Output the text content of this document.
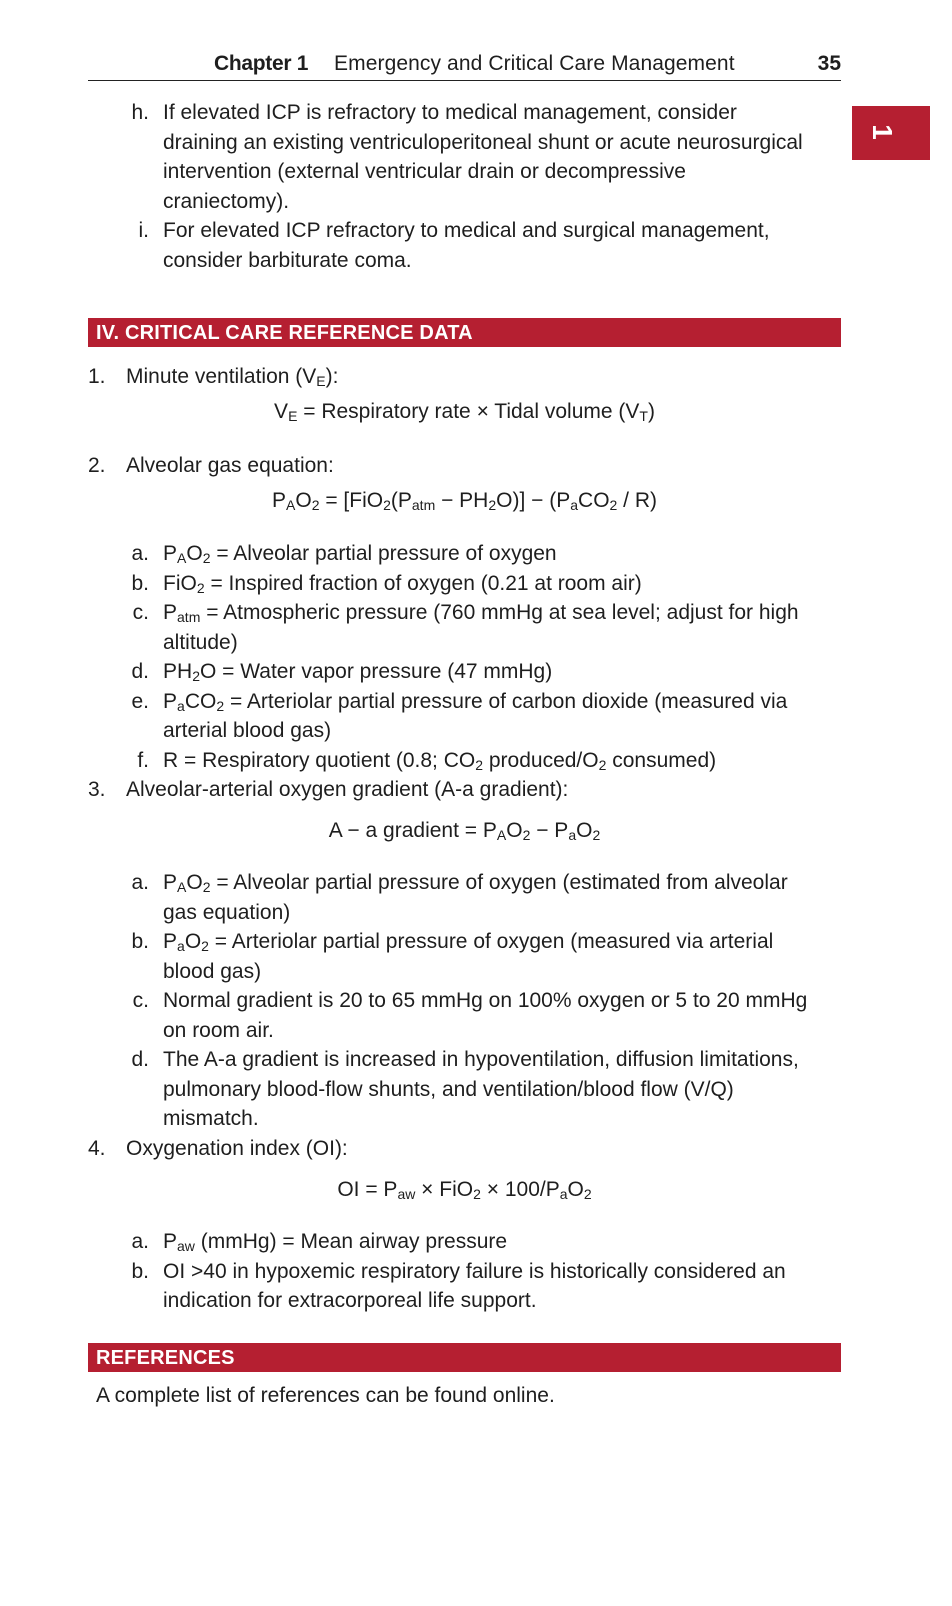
Chapter 1 Emergency and Critical Care Management	35
1
h. If elevated ICP is refractory to medical management, consider
draining an existing ventriculoperitoneal shunt or acute neurosurgical
intervention (external ventricular drain or decompressive
craniectomy).
i. For elevated ICP refractory to medical and surgical management,
consider barbiturate coma.
IV. CRITICAL CARE REFERENCE DATA
1. Minute ventilation $(V_E)$:
$V_E$ = Respiratory rate × Tidal volume $(V_T)$
2. Alveolar gas equation:
$P_AO_2 = [FiO_2(P_{atm} - PH_2O)] - (P_aCO_2 / R)$
a. $P_AO_2$ = Alveolar partial pressure of oxygen
b. FiO$_2$ = Inspired fraction of oxygen (0.21 at room air)
c. $P_{atm}$ = Atmospheric pressure (760 mmHg at sea level; adjust for high
altitude)
d. $PH_2O$ = Water vapor pressure (47 mmHg)
e. $P_aCO_2$ = Arteriolar partial pressure of carbon dioxide (measured via
arterial blood gas)
f. R = Respiratory quotient (0.8; $CO_2$ produced/$O_2$ consumed)
3. Alveolar-arterial oxygen gradient (A-a gradient):
A − a gradient = $P_AO_2 - P_aO_2$
a. $P_AO_2$ = Alveolar partial pressure of oxygen (estimated from alveolar
gas equation)
b. $P_aO_2$ = Arteriolar partial pressure of oxygen (measured via arterial
blood gas)
c. Normal gradient is 20 to 65 mmHg on 100% oxygen or 5 to 20 mmHg
on room air.
d. The A-a gradient is increased in hypoventilation, diffusion limitations,
pulmonary blood-flow shunts, and ventilation/blood flow (V/Q)
mismatch.
4. Oxygenation index (OI):
OI = $P_{aw} \times FiO_2 \times 100/P_aO_2$
a. $P_{aw}$ (mmHg) = Mean airway pressure
b. OI >40 in hypoxemic respiratory failure is historically considered an
indication for extracorporeal life support.
REFERENCES
A complete list of references can be found online.
